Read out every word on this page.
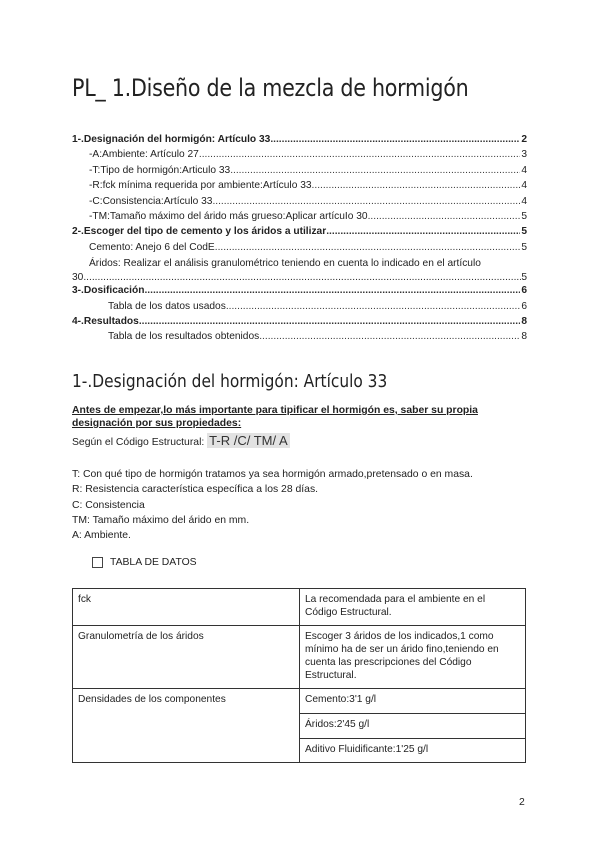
PL_ 1.Diseño de la mezcla de hormigón
1-.Designación del hormigón: Artículo 33 .....	2
-A:Ambiente: Artículo 27 .....	3
-T:Tipo de hormigón:Articulo 33 .....	4
-R:fck mínima requerida por ambiente:Artículo 33 .....	4
-C:Consistencia:Artículo 33 .....	4
-TM:Tamaño máximo del árido más grueso:Aplicar artícuIo 30 .....	5
2-.Escoger del tipo de cemento y los áridos a utilizar .....	5
Cemento: Anejo 6 del CodE .....	5
Áridos: Realizar el análisis granulométrico teniendo en cuenta lo indicado en el artículo
30 .....	5
3-.Dosificación .....	6
Tabla de los datos usados .....	6
4-.Resultados .....	8
Tabla de los resultados obtenidos .....	8
1-.Designación del hormigón: Artículo 33
Antes de empezar,lo más importante para tipificar el hormigón es, saber su propia designación por sus propiedades:
Según el Código Estructural: T-R /C/ TM/ A
T: Con qué tipo de hormigón tratamos ya sea hormigón armado,pretensado o en masa.
R: Resistencia característica específica a los 28 días.
C: Consistencia
TM: Tamaño máximo del árido en mm.
A: Ambiente.
TABLA DE DATOS
fck	La recomendada para el ambiente en el Código Estructural.
Granulometría de los áridos	Escoger 3 áridos de los indicados,1 como mínimo ha de ser un árido fino,teniendo en cuenta las prescripciones del Código Estructural.
Densidades de los componentes	Cemento:3'1 g/l
	Áridos:2'45 g/l
	Aditivo Fluidificante:1'25 g/l
2
